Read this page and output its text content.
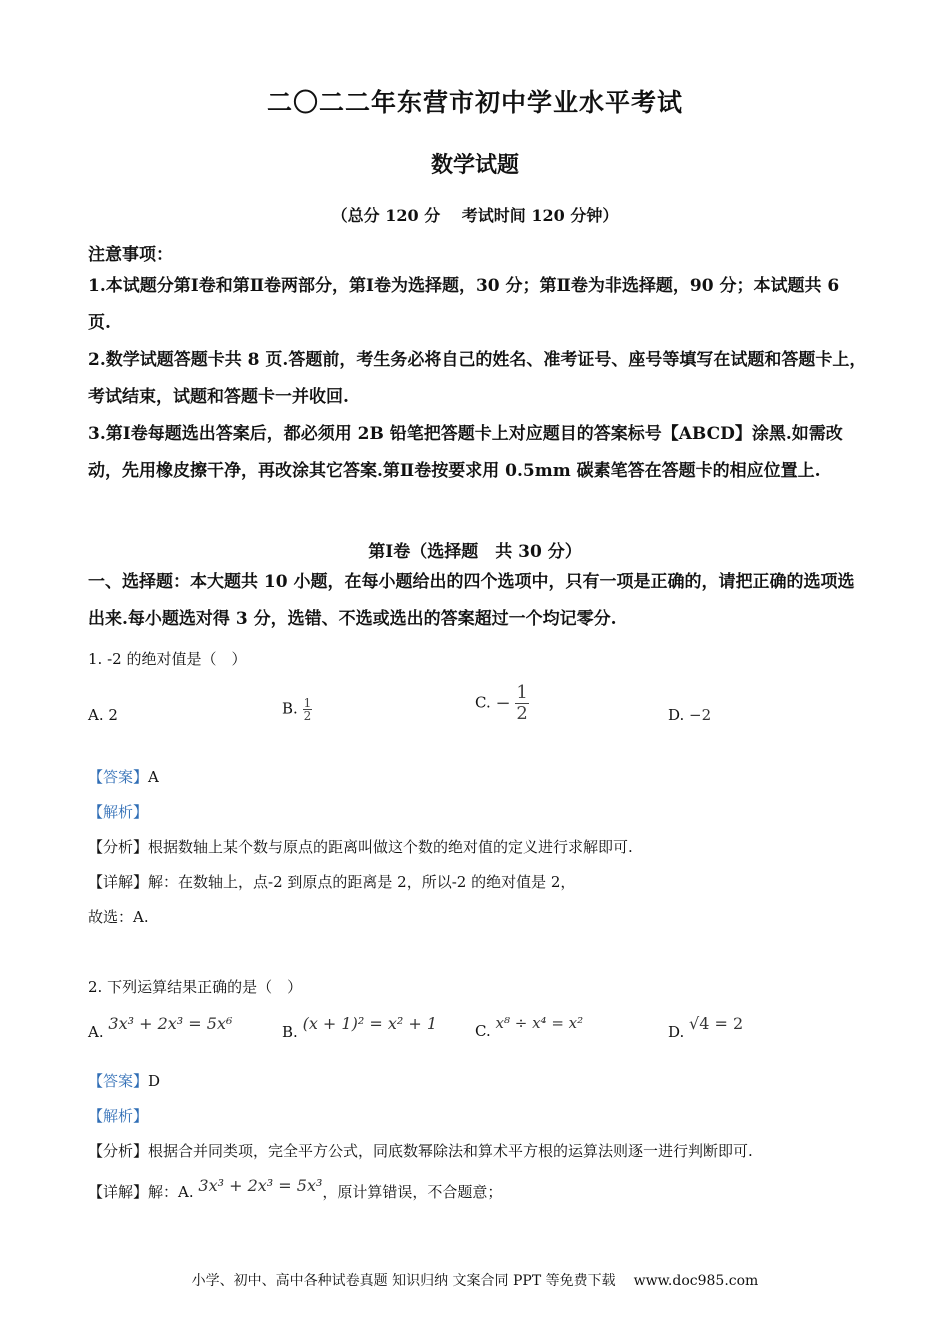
二〇二二年东营市初中学业水平考试
数学试题
（总分 120 分　 考试时间 120 分钟）
注意事项：
1.本试题分第Ⅰ卷和第Ⅱ卷两部分，第Ⅰ卷为选择题，30 分；第Ⅱ卷为非选择题，90 分；本试题共 6 页.
2.数学试题答题卡共 8 页.答题前，考生务必将自己的姓名、准考证号、座号等填写在试题和答题卡上，考试结束，试题和答题卡一并收回.
3.第Ⅰ卷每题选出答案后，都必须用 2B 铅笔把答题卡上对应题目的答案标号【ABCD】涂黑.如需改动，先用橡皮擦干净，再改涂其它答案.第Ⅱ卷按要求用 0.5mm 碳素笔答在答题卡的相应位置上.
第Ⅰ卷（选择题　共 30 分）
一、选择题：本大题共 10 小题，在每小题给出的四个选项中，只有一项是正确的，请把正确的选项选出来.每小题选对得 3 分，选错、不选或选出的答案超过一个均记零分.
1. -2 的绝对值是（　）
A. 2	B. $\frac{1}{2}$	C. − $\frac{1}{2}$	D. −2
【答案】A
【解析】
【分析】根据数轴上某个数与原点的距离叫做这个数的绝对值的定义进行求解即可.
【详解】解：在数轴上，点-2 到原点的距离是 2，所以-2 的绝对值是 2，
故选：A.
2. 下列运算结果正确的是（　）
A. 3x³ + 2x³ = 5x⁶	B. (x + 1)² = x² + 1	C. x⁸ ÷ x⁴ = x²	D. √4 = 2
【答案】D
【解析】
【分析】根据合并同类项，完全平方公式，同底数幂除法和算术平方根的运算法则逐一进行判断即可.
【详解】解：A. 3x³ + 2x³ = 5x³，原计算错误，不合题意；
小学、初中、高中各种试卷真题 知识归纳 文案合同 PPT 等免费下载 www.doc985.com
